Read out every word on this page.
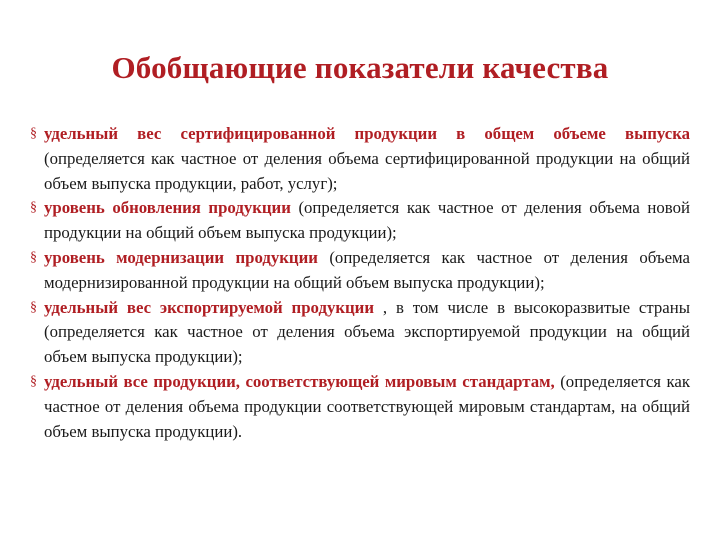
Обобщающие показатели качества
§ удельный вес сертифицированной продукции в общем объеме выпуска (определяется как частное от деления объема сертифицированной продукции на общий объем выпуска продукции, работ, услуг);
§ уровень обновления продукции (определяется как частное от деления объема новой продукции на общий объем выпуска продукции);
§ уровень модернизации продукции (определяется как частное от деления объема модернизированной продукции на общий объем выпуска продукции);
§ удельный вес экспортируемой продукции , в том числе в высокоразвитые страны (определяется как частное от деления объема экспортируемой продукции на общий объем выпуска продукции);
§ удельный все продукции, соответствующей мировым стандартам, (определяется как частное от деления объема продукции соответствующей мировым стандартам, на общий объем выпуска продукции).
